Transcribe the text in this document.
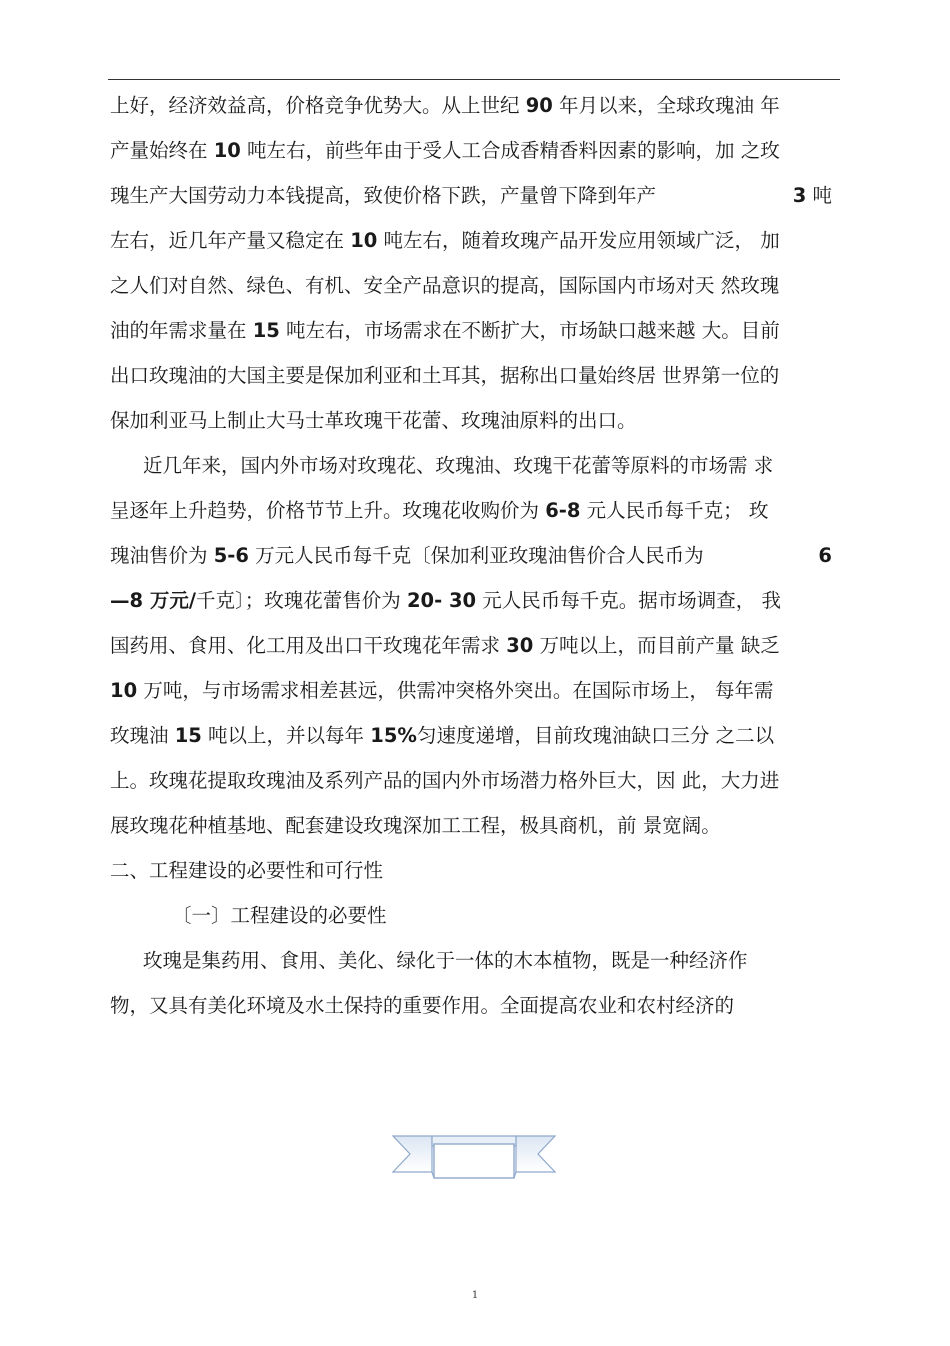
上好，经济效益高，价格竞争优势大。从上世纪 90 年月以来，全球玫瑰油 年
产量始终在 10 吨左右，前些年由于受人工合成香精香料因素的影响，加 之玫
瑰生产大国劳动力本钱提高，致使价格下跌，产量曾下降到年产	3 吨
左右，近几年产量又稳定在 10 吨左右，随着玫瑰产品开发应用领域广泛， 加
之人们对自然、绿色、有机、安全产品意识的提高，国际国内市场对天 然玫瑰
油的年需求量在 15 吨左右，市场需求在不断扩大，市场缺口越来越 大。目前
出口玫瑰油的大国主要是保加利亚和土耳其，据称出口量始终居 世界第一位的
保加利亚马上制止大马士革玫瑰干花蕾、玫瑰油原料的出口。
近几年来，国内外市场对玫瑰花、玫瑰油、玫瑰干花蕾等原料的市场需 求
呈逐年上升趋势，价格节节上升。玫瑰花收购价为 6-8 元人民币每千克； 玫
瑰油售价为 5-6 万元人民币每千克〔保加利亚玫瑰油售价合人民币为	6
—8 万元/千克〕；玫瑰花蕾售价为 20- 30 元人民币每千克。据市场调查， 我
国药用、食用、化工用及出口干玫瑰花年需求 30 万吨以上，而目前产量 缺乏
10 万吨，与市场需求相差甚远，供需冲突格外突出。在国际市场上， 每年需
玫瑰油 15 吨以上，并以每年 15%匀速度递增，目前玫瑰油缺口三分 之二以
上。玫瑰花提取玫瑰油及系列产品的国内外市场潜力格外巨大，因 此，大力进
展玫瑰花种植基地、配套建设玫瑰深加工工程，极具商机，前 景宽阔。
二、工程建设的必要性和可行性
〔一〕工程建设的必要性
玫瑰是集药用、食用、美化、绿化于一体的木本植物，既是一种经济作
物，又具有美化环境及水土保持的重要作用。全面提高农业和农村经济的
1
